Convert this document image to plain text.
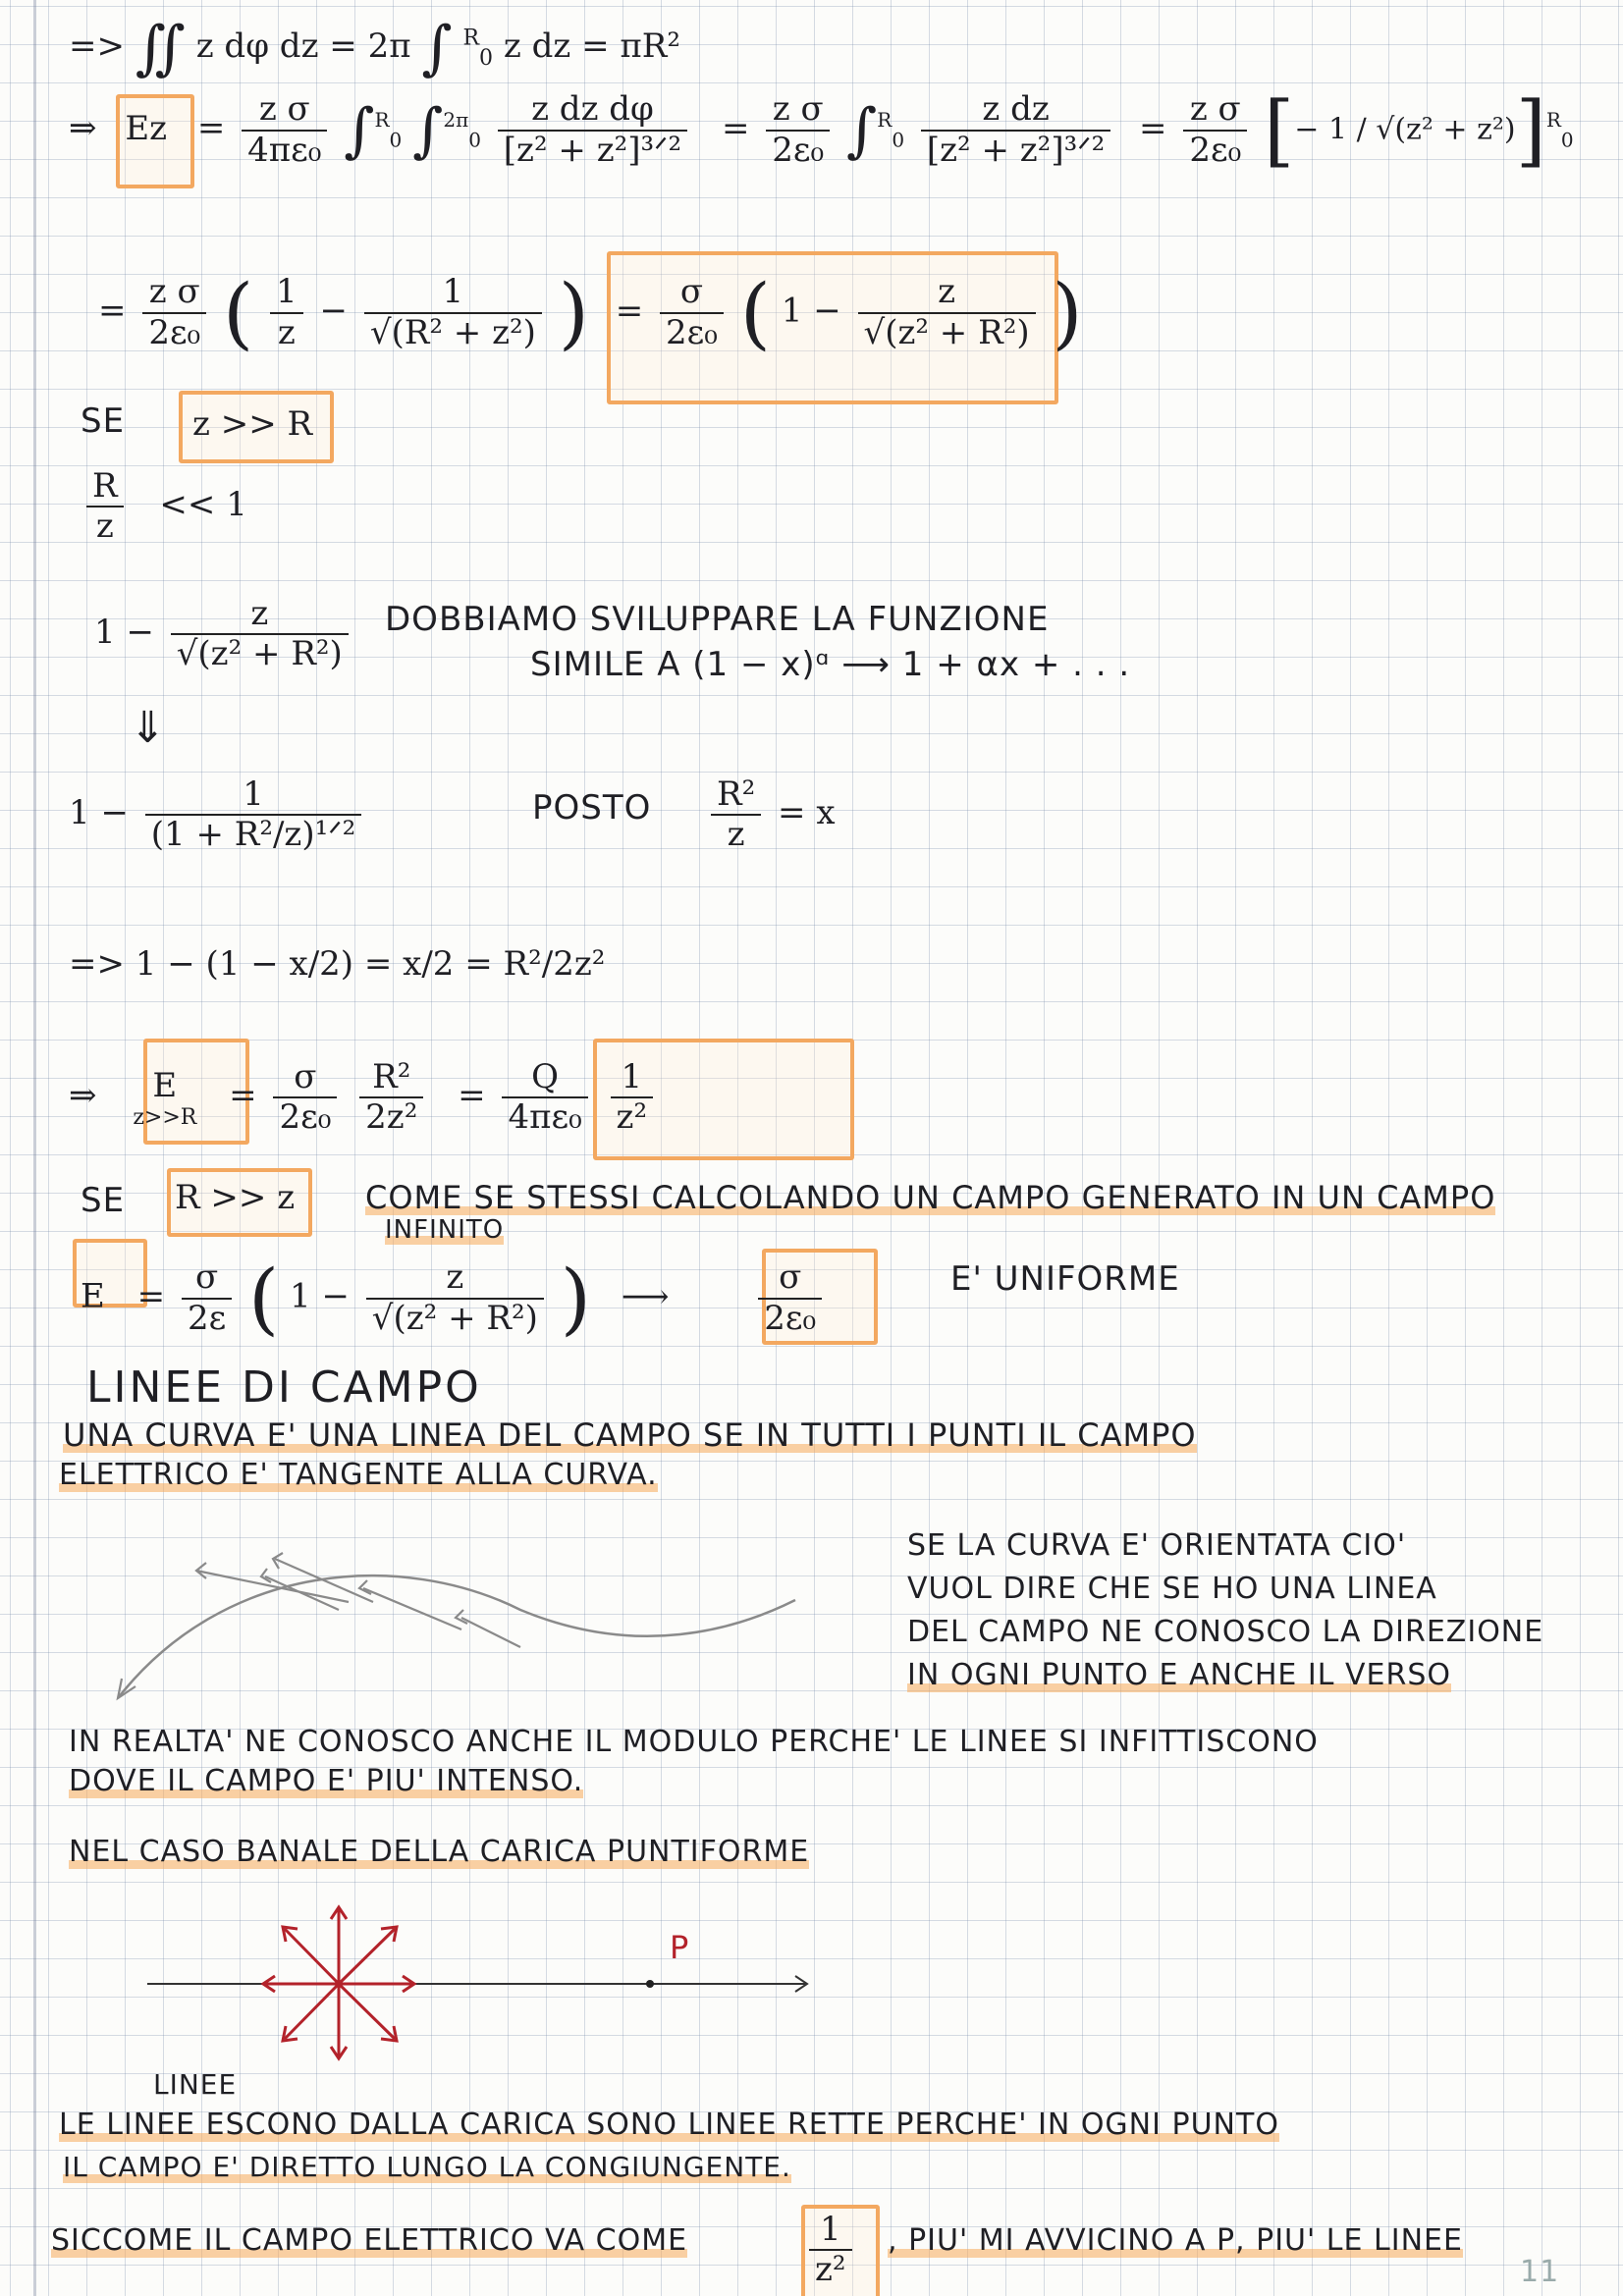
=> ∬ z dφ dz = 2π ∫ $^R_0$ z dz = πR²
⇒ $Ez = \frac{\text{z σ}}{\text{4πε₀}} \int^R_0$ $\int^{2\pi}_0 \frac{\text{z dz dφ}}{\text{[z² + z²]³ᐟ²}} = \frac{\text{z σ}}{\text{2ε₀}} \int^R_0 \frac{\text{z dz}}{\text{[z² + z²]³ᐟ²}} = \frac{\text{z σ}}{\text{2ε₀}}$ [− 1 / √(z² + z²)]$^R_0$
= $\frac{\text{z σ}}{\text{2ε₀}}$ ( $\frac{1}{z} - \frac{1}{\text{√(R² + z²)}}$ ) = $\frac{\sigma}{\text{2ε₀}}$ ( $1 - \frac{z}{\text{√(z² + R²)}}$ )
SE z >> R
$\frac{R}{z} << 1$
$1 - \frac{z}{\text{√(z² + R²)}}$ DOBBIAMO SVILUPPARE LA FUNZIONE
SIMILE A (1 − x)ᵅ ⟶ 1 + αx + . . .
⇓
$1 - \frac{1}{\text{(1 + R²/z)¹ᐟ²}}$	POSTO $\frac{\text{R²}}{z} = x$
=> 1 − (1 − x/2) = x/2 = R²/2z²
⇒	E
z>>R
= $\frac{\sigma}{\text{2ε₀}}$
$\frac{\text{R²}}{\text{2z²}} = \frac{Q}{\text{4πε₀}}$
$\frac{1}{\text{z²}}$
SE R >> z COME SE STESSI CALCOLANDO UN CAMPO GENERATO IN UN CAMPO
INFINITO
$E = \frac{\sigma}{2\varepsilon}$ ( $1 - \frac{z}{\text{√(z² + R²)}}$ ) ⟶	$\frac{\sigma}{\text{2ε₀}}$	E' UNIFORME
LINEE DI CAMPO
UNA CURVA E' UNA LINEA DEL CAMPO SE IN TUTTI I PUNTI IL CAMPO
ELETTRICO E' TANGENTE ALLA CURVA.
SE LA CURVA E' ORIENTATA CIO'
VUOL DIRE CHE SE HO UNA LINEA
DEL CAMPO NE CONOSCO LA DIREZIONE
IN OGNI PUNTO E ANCHE IL VERSO
IN REALTA' NE CONOSCO ANCHE IL MODULO PERCHE' LE LINEE SI INFITTISCONO
DOVE IL CAMPO E' PIU' INTENSO.
NEL CASO BANALE DELLA CARICA PUNTIFORME
P
LINEE
LE LINEE ESCONO DALLA CARICA SONO LINEE RETTE PERCHE' IN OGNI PUNTO
IL CAMPO E' DIRETTO LUNGO LA CONGIUNGENTE.
SICCOME IL CAMPO ELETTRICO VA COME	$\frac{1}{\text{z²}}$ , PIU' MI AVVICINO A P, PIU' LE LINEE
11
